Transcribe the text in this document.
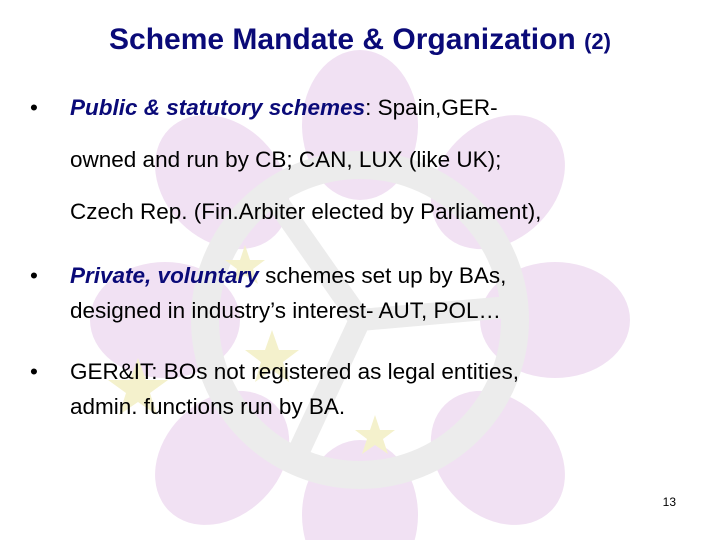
Scheme Mandate & Organization (2)
•	Public & statutory schemes: Spain,GER-
owned and run by CB; CAN, LUX (like UK);
Czech Rep. (Fin.Arbiter elected by Parliament),
•	Private, voluntary schemes set up by BAs,
designed in industry’s interest- AUT, POL…
•	GER&IT: BOs not registered as legal entities,
admin. functions run by BA.
13
